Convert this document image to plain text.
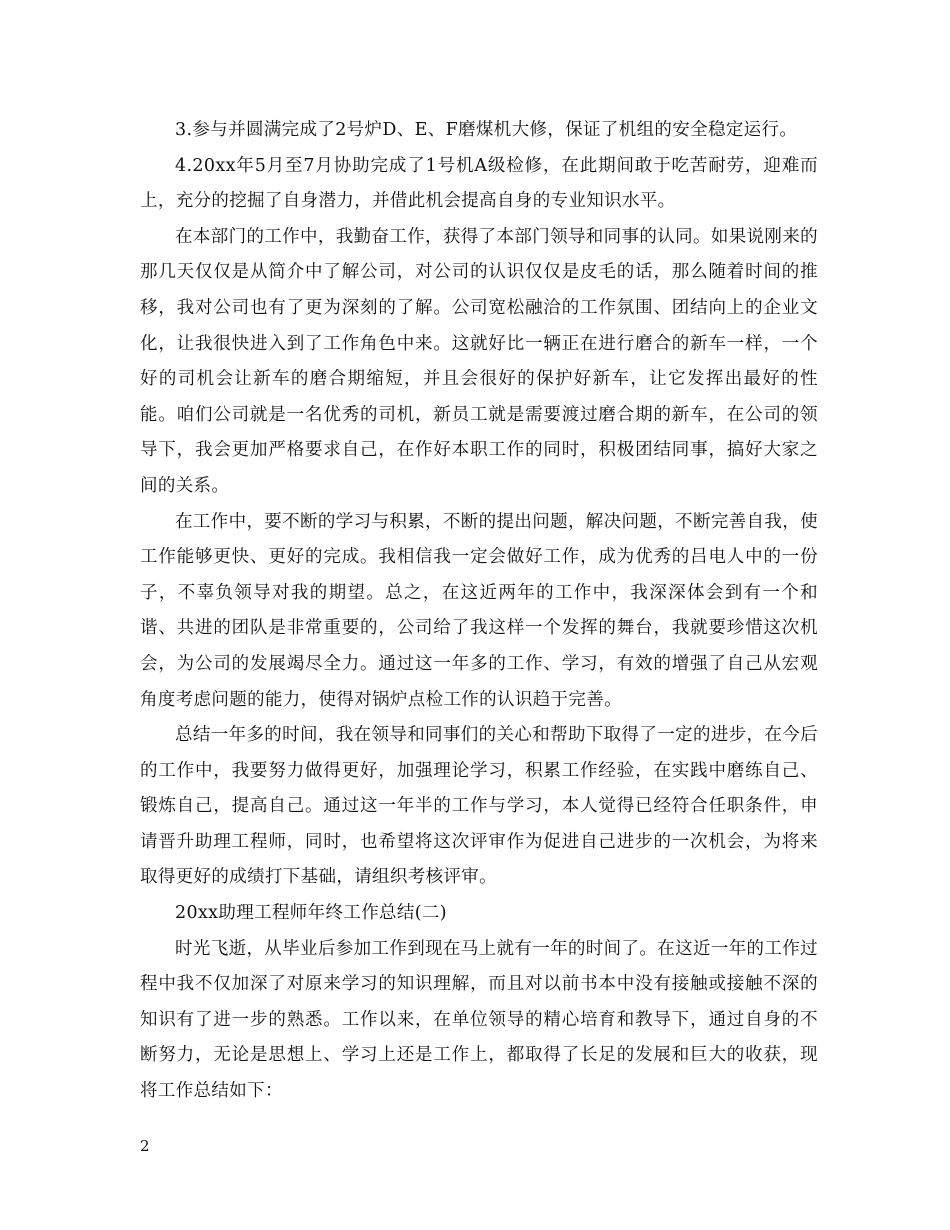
3.参与并圆满完成了2号炉D、E、F磨煤机大修，保证了机组的安全稳定运行。

4.20xx年5月至7月协助完成了1号机A级检修，在此期间敢于吃苦耐劳，迎难而上，充分的挖掘了自身潜力，并借此机会提高自身的专业知识水平。

在本部门的工作中，我勤奋工作，获得了本部门领导和同事的认同。如果说刚来的那几天仅仅是从简介中了解公司，对公司的认识仅仅是皮毛的话，那么随着时间的推移，我对公司也有了更为深刻的了解。公司宽松融洽的工作氛围、团结向上的企业文化，让我很快进入到了工作角色中来。这就好比一辆正在进行磨合的新车一样，一个好的司机会让新车的磨合期缩短，并且会很好的保护好新车，让它发挥出最好的性能。咱们公司就是一名优秀的司机，新员工就是需要渡过磨合期的新车，在公司的领导下，我会更加严格要求自己，在作好本职工作的同时，积极团结同事，搞好大家之间的关系。

在工作中，要不断的学习与积累，不断的提出问题，解决问题，不断完善自我，使工作能够更快、更好的完成。我相信我一定会做好工作，成为优秀的吕电人中的一份子，不辜负领导对我的期望。总之，在这近两年的工作中，我深深体会到有一个和谐、共进的团队是非常重要的，公司给了我这样一个发挥的舞台，我就要珍惜这次机会，为公司的发展竭尽全力。通过这一年多的工作、学习，有效的增强了自己从宏观角度考虑问题的能力，使得对锅炉点检工作的认识趋于完善。

总结一年多的时间，我在领导和同事们的关心和帮助下取得了一定的进步，在今后的工作中，我要努力做得更好，加强理论学习，积累工作经验，在实践中磨练自己、锻炼自己，提高自己。通过这一年半的工作与学习，本人觉得已经符合任职条件，申请晋升助理工程师，同时，也希望将这次评审作为促进自己进步的一次机会，为将来取得更好的成绩打下基础，请组织考核评审。

20xx助理工程师年终工作总结(二)

时光飞逝，从毕业后参加工作到现在马上就有一年的时间了。在这近一年的工作过程中我不仅加深了对原来学习的知识理解，而且对以前书本中没有接触或接触不深的知识有了进一步的熟悉。工作以来，在单位领导的精心培育和教导下，通过自身的不断努力，无论是思想上、学习上还是工作上，都取得了长足的发展和巨大的收获，现将工作总结如下：

2
